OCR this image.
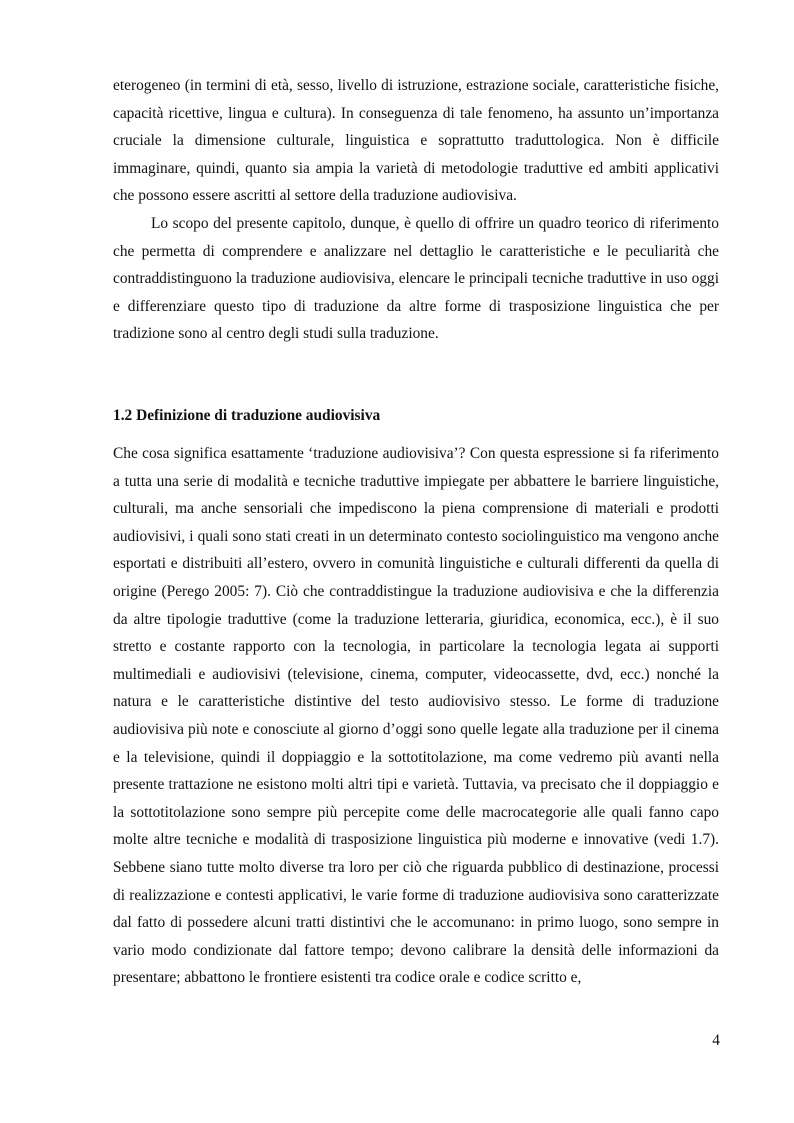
eterogeneo (in termini di età, sesso, livello di istruzione, estrazione sociale, caratteristiche fisiche, capacità ricettive, lingua e cultura). In conseguenza di tale fenomeno, ha assunto un’importanza cruciale la dimensione culturale, linguistica e soprattutto traduttologica. Non è difficile immaginare, quindi, quanto sia ampia la varietà di metodologie traduttive ed ambiti applicativi che possono essere ascritti al settore della traduzione audiovisiva.

Lo scopo del presente capitolo, dunque, è quello di offrire un quadro teorico di riferimento che permetta di comprendere e analizzare nel dettaglio le caratteristiche e le peculiarità che contraddistinguono la traduzione audiovisiva, elencare le principali tecniche traduttive in uso oggi e differenziare questo tipo di traduzione da altre forme di trasposizione linguistica che per tradizione sono al centro degli studi sulla traduzione.

1.2 Definizione di traduzione audiovisiva

Che cosa significa esattamente ‘traduzione audiovisiva’? Con questa espressione si fa riferimento a tutta una serie di modalità e tecniche traduttive impiegate per abbattere le barriere linguistiche, culturali, ma anche sensoriali che impediscono la piena comprensione di materiali e prodotti audiovisivi, i quali sono stati creati in un determinato contesto sociolinguistico ma vengono anche esportati e distribuiti all’estero, ovvero in comunità linguistiche e culturali differenti da quella di origine (Perego 2005: 7). Ciò che contraddistingue la traduzione audiovisiva e che la differenzia da altre tipologie traduttive (come la traduzione letteraria, giuridica, economica, ecc.), è il suo stretto e costante rapporto con la tecnologia, in particolare la tecnologia legata ai supporti multimediali e audiovisivi (televisione, cinema, computer, videocassette, dvd, ecc.) nonché la natura e le caratteristiche distintive del testo audiovisivo stesso. Le forme di traduzione audiovisiva più note e conosciute al giorno d’oggi sono quelle legate alla traduzione per il cinema e la televisione, quindi il doppiaggio e la sottotitolazione, ma come vedremo più avanti nella presente trattazione ne esistono molti altri tipi e varietà. Tuttavia, va precisato che il doppiaggio e la sottotitolazione sono sempre più percepite come delle macrocategorie alle quali fanno capo molte altre tecniche e modalità di trasposizione linguistica più moderne e innovative (vedi 1.7). Sebbene siano tutte molto diverse tra loro per ciò che riguarda pubblico di destinazione, processi di realizzazione e contesti applicativi, le varie forme di traduzione audiovisiva sono caratterizzate dal fatto di possedere alcuni tratti distintivi che le accomunano: in primo luogo, sono sempre in vario modo condizionate dal fattore tempo; devono calibrare la densità delle informazioni da presentare; abbattono le frontiere esistenti tra codice orale e codice scritto e,

4
